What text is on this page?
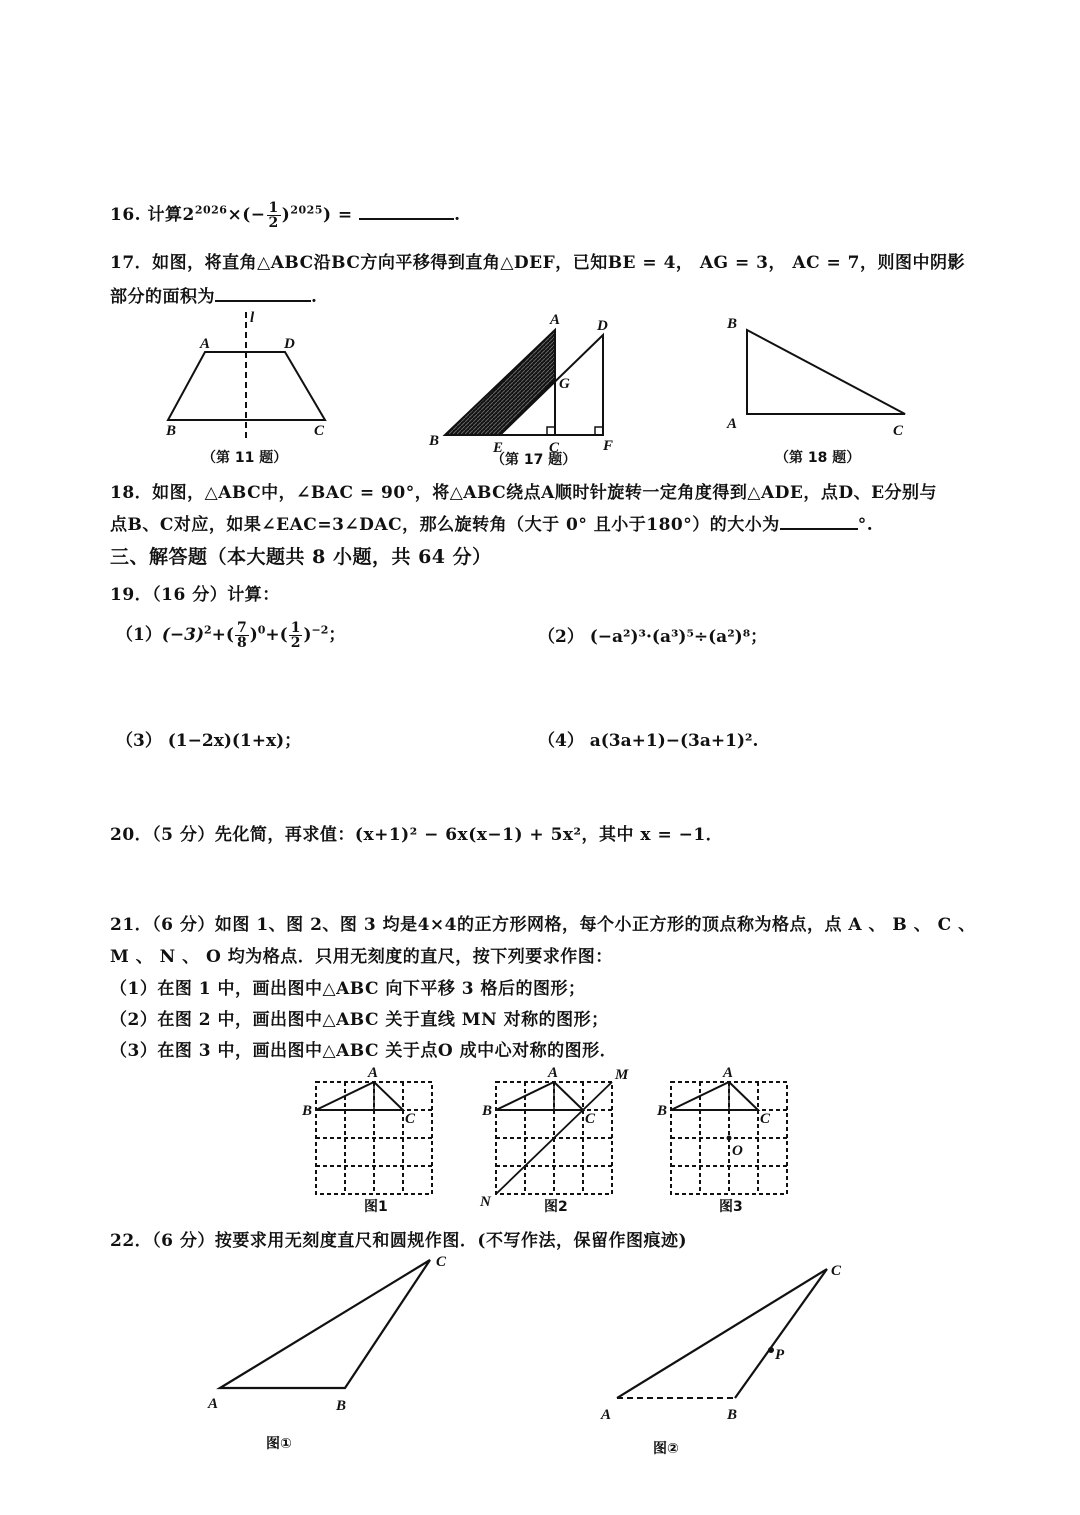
16. 计算$2^{2026}\times(- \frac{1}{2} )^{2025}$) =	.
17．如图，将直角△ABC沿BC方向平移得到直角△DEF，已知BE = 4， AG = 3， AC = 7，则图中阴影
部分的面积为	.
A	D
B	C
l
（第 11 题）
A D
G
B	E	C	F
（第 17 题）
B
A	C
（第 18 题）
18．如图，△ABC中，∠BAC = 90°，将△ABC绕点A顺时针旋转一定角度得到△ADE，点D、E分别与
点B、C对应，如果∠EAC=3∠DAC，那么旋转角（大于 0° 且小于180°）的大小为	°.
三、解答题（本大题共 8 小题，共 64 分）
19．（16 分）计算：
$(1)(-3)^2+( \frac{7}{8} )^0+( \frac{1}{2} )^{-2}$；	（2） (−a²)³·(a³)⁵÷(a²)⁸；
（3） (1−2x)(1+x)；	（4） a(3a+1)−(3a+1)².
20．（5 分）先化简，再求值：(x+1)² − 6x(x−1) + 5x²，其中 x = −1．
21．（6 分）如图 1、图 2、图 3 均是4×4的正方形网格，每个小正方形的顶点称为格点，点 A 、 B 、 C 、
M 、 N 、 O 均为格点．只用无刻度的直尺，按下列要求作图：
（1）在图 1 中，画出图中△ABC 向下平移 3 格后的图形；
（2）在图 2 中，画出图中△ABC 关于直线 MN 对称的图形；
（3）在图 3 中，画出图中△ABC 关于点O 成中心对称的图形．
A
B	C
图1
A
B	C
M
N	图2
A
B	C
O
图3
22．（6 分）按要求用无刻度直尺和圆规作图．(不写作法，保留作图痕迹)
A	B
C
图①
A	B
C
P
图②
